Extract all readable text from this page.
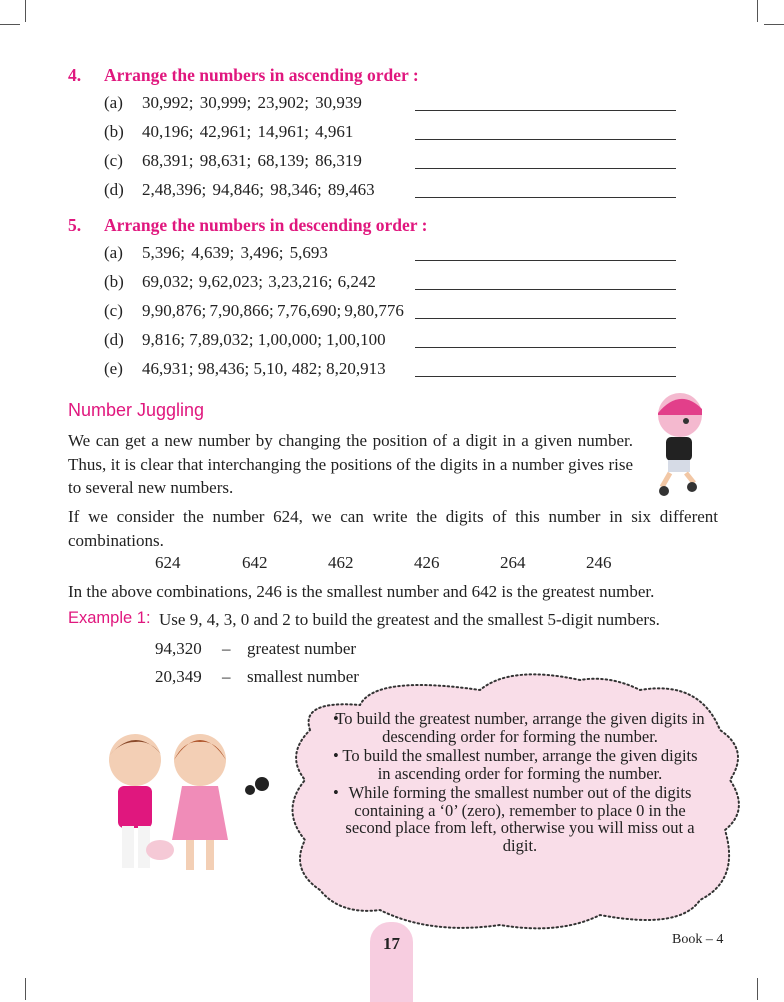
4. Arrange the numbers in ascending order :
(a) 30,992; 30,999; 23,902; 30,939
(b) 40,196; 42,961; 14,961; 4,961
(c) 68,391; 98,631; 68,139; 86,319
(d) 2,48,396; 94,846; 98,346; 89,463
5. Arrange the numbers in descending order :
(a) 5,396; 4,639; 3,496; 5,693
(b) 69,032; 9,62,023; 3,23,216; 6,242
(c) 9,90,876; 7,90,866; 7,76,690; 9,80,776
(d) 9,816; 7,89,032; 1,00,000; 1,00,100
(e) 46,931; 98,436; 5,10, 482; 8,20,913
Number Juggling
We can get a new number by changing the position of a digit in a given number. Thus, it is clear that interchanging the positions of the digits in a number gives rise to several new numbers.
If we consider the number 624, we can write the digits of this number in six different combinations.
624	642	462	426	264	246
In the above combinations, 246 is the smallest number and 642 is the greatest number.
Example 1: Use 9, 4, 3, 0 and 2 to build the greatest and the smallest 5-digit numbers.
94,320 – greatest number
20,349 – smallest number
• To build the greatest number, arrange the given digits in descending order for forming the number.
• To build the smallest number, arrange the given digits in ascending order for forming the number.
• While forming the smallest number out of the digits containing a ‘0’ (zero), remember to place 0 in the second place from left, otherwise you will miss out a digit.
17	Book – 4
